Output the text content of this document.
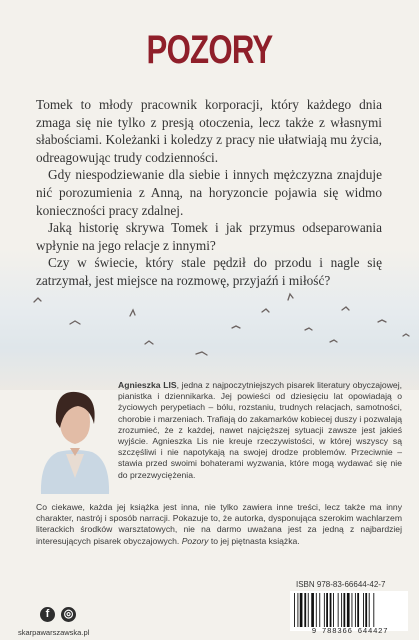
POZORY

Tomek to młody pracownik korporacji, który każdego dnia zmaga się nie tylko z presją otoczenia, lecz także z własnymi słabościami. Koleżanki i koledzy z pracy nie ułatwiają mu życia, odreagowując trudy codzienności.

Gdy niespodziewanie dla siebie i innych mężczyzna znajduje nić porozumienia z Anną, na horyzoncie pojawia się widmo konieczności pracy zdalnej.

Jaką historię skrywa Tomek i jak przymus odseparowania wpłynie na jego relacje z innymi?

Czy w świecie, który stale pędził do przodu i nagle się zatrzymał, jest miejsce na rozmowę, przyjaźń i miłość?

Agnieszka LIS, jedna z najpoczytniejszych pisarek literatury obyczajowej, pianistka i dziennikarka. Jej powieści od dziesięciu lat opowiadają o życiowych perypetiach – bólu, rozstaniu, trudnych relacjach, samotności, chorobie i marzeniach. Trafiają do zakamarków kobiecej duszy i pozwalają zrozumieć, że z każdej, nawet najcięższej sytuacji zawsze jest jakieś wyjście. Agnieszka Lis nie kreuje rzeczywistości, w której wszyscy są szczęśliwi i nie napotykają na swojej drodze problemów. Przeciwnie – stawia przed swoimi bohaterami wyzwania, które mogą wydawać się nie do przezwyciężenia.
Co ciekawe, każda jej książka jest inna, nie tylko zawiera inne treści, lecz także ma inny charakter, nastrój i sposób narracji. Pokazuje to, że autorka, dysponująca szerokim wachlarzem literackich środków warsztatowych, nie na darmo uważana jest za jedną z najbardziej interesujących pisarek obyczajowych. Pozory to jej piętnasta książka.
ISBN 978-83-66644-42-7
9 788366 644427
f	◎
skarpawarszawska.pl
